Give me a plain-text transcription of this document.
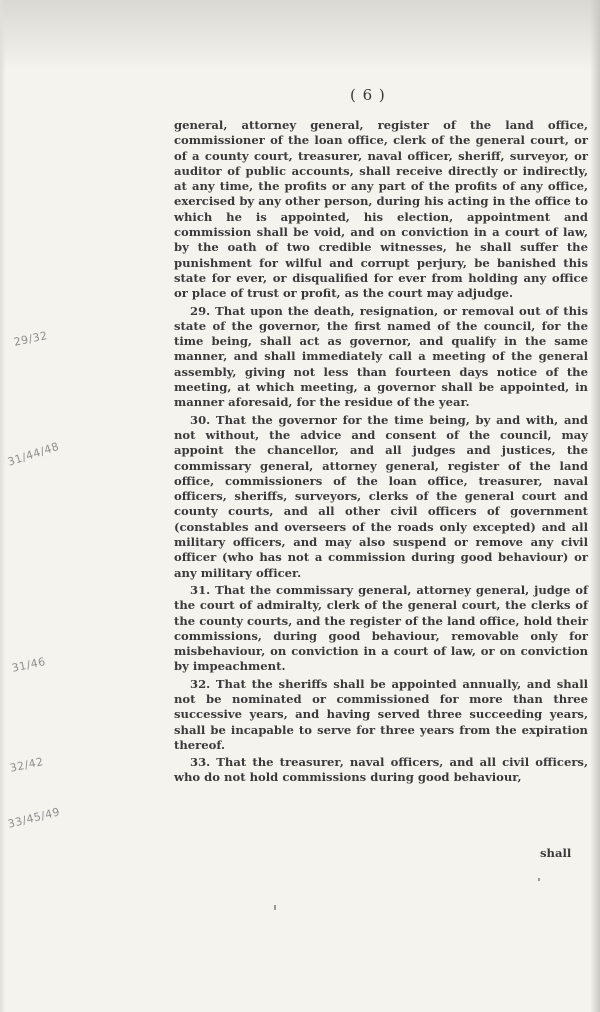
( 6 )

general, attorney general, register of the land office, commissioner of the loan office, clerk of the general court, or of a county court, treasurer, naval officer, sheriff, surveyor, or auditor of public accounts, shall receive directly or indirectly, at any time, the profits or any part of the profits of any office, exercised by any other person, during his acting in the office to which he is appointed, his election, appointment and commission shall be void, and on conviction in a court of law, by the oath of two credible witnesses, he shall suffer the punishment for wilful and corrupt perjury, be banished this state for ever, or disqualified for ever from holding any office or place of trust or profit, as the court may adjudge.

29. That upon the death, resignation, or removal out of this state of the governor, the first named of the council, for the time being, shall act as governor, and qualify in the same manner, and shall immediately call a meeting of the general assembly, giving not less than fourteen days notice of the meeting, at which meeting, a governor shall be appointed, in manner aforesaid, for the residue of the year.

30. That the governor for the time being, by and with, and not without, the advice and consent of the council, may appoint the chancellor, and all judges and justices, the commissary general, attorney general, register of the land office, commissioners of the loan office, treasurer, naval officers, sheriffs, surveyors, clerks of the general court and county courts, and all other civil officers of government (constables and overseers of the roads only excepted) and all military officers, and may also suspend or remove any civil officer (who has not a commission during good behaviour) or any military officer.

31. That the commissary general, attorney general, judge of the court of admiralty, clerk of the general court, the clerks of the county courts, and the register of the land office, hold their commissions, during good behaviour, removable only for misbehaviour, on conviction in a court of law, or on conviction by impeachment.

32. That the sheriffs shall be appointed annually, and shall not be nominated or commissioned for more than three successive years, and having served three succeeding years, shall be incapable to serve for three years from the expiration thereof.

33. That the treasurer, naval officers, and all civil officers, who do not hold commissions during good behaviour,

shall
29/32
31/44/48
31/46
32/42
33/45/49
